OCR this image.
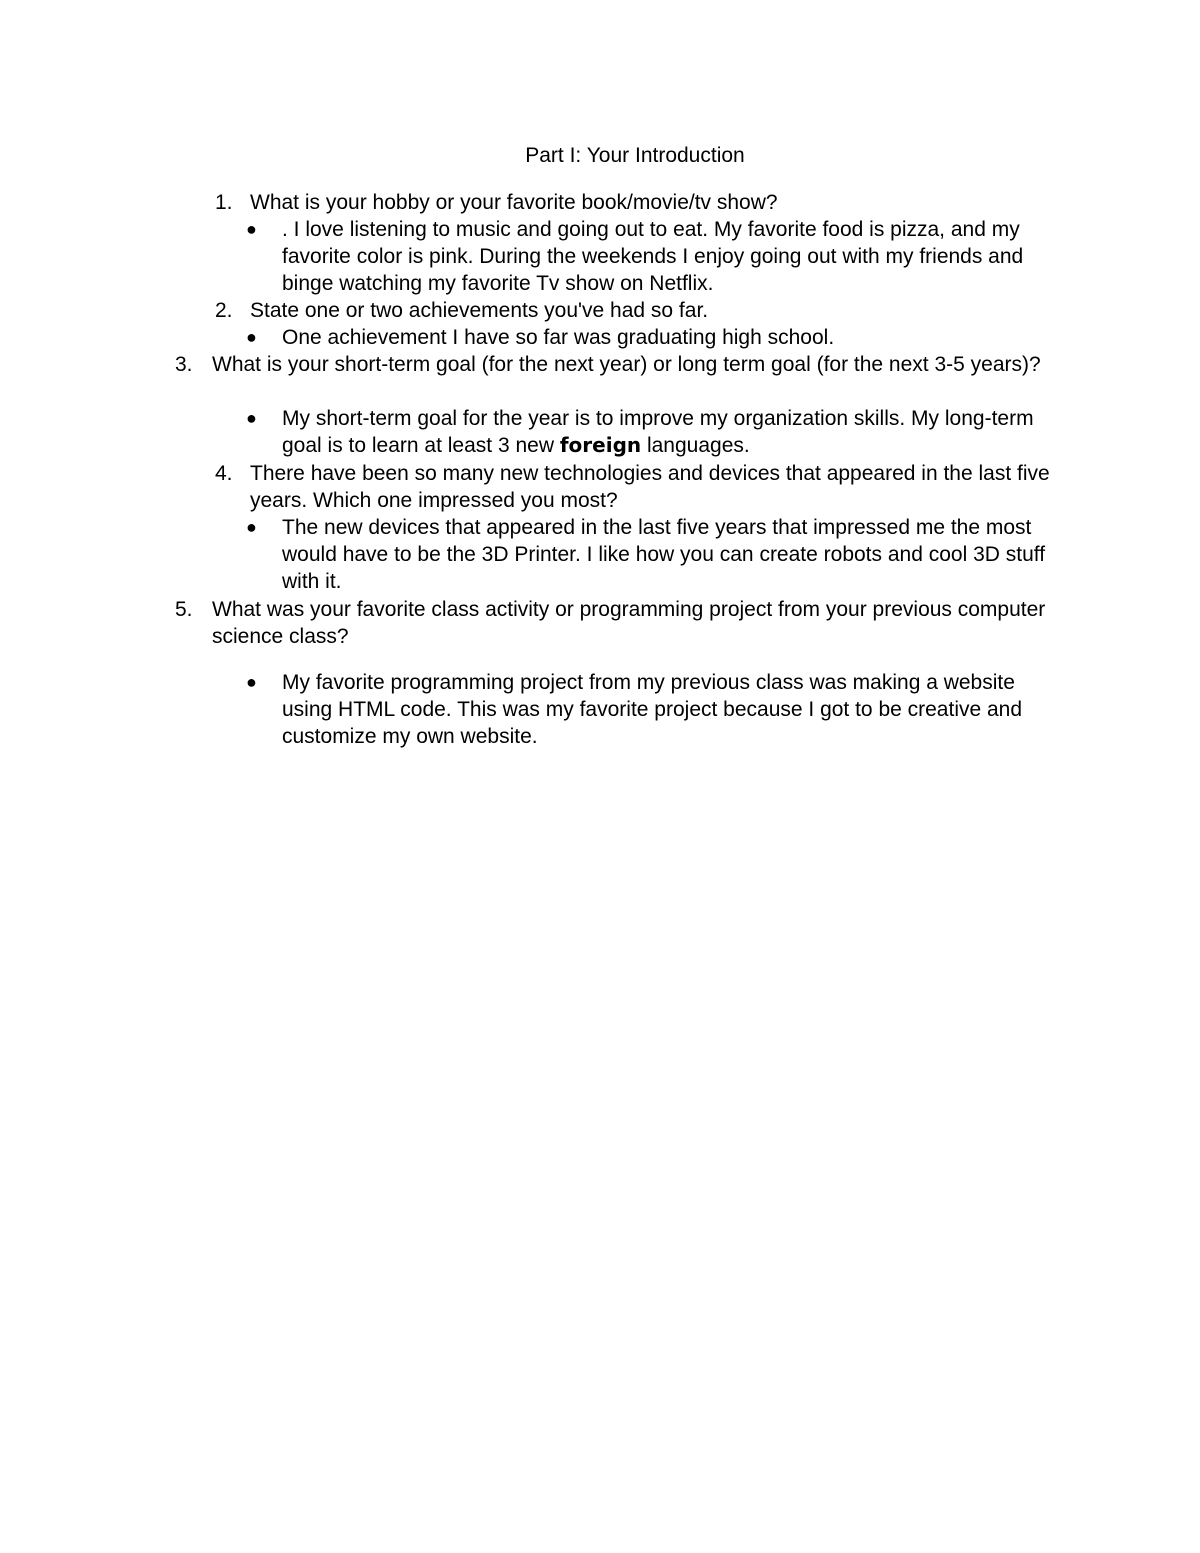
Part I: Your Introduction
1. What is your hobby or your favorite book/movie/tv show?
● . I love listening to music and going out to eat. My favorite food is pizza, and my favorite color is pink. During the weekends I enjoy going out with my friends and binge watching my favorite Tv show on Netflix.
2. State one or two achievements you've had so far.
● One achievement I have so far was graduating high school.
3. What is your short-term goal (for the next year) or long term goal (for the next 3-5 years)?
● My short-term goal for the year is to improve my organization skills. My long-term goal is to learn at least 3 new foreign languages.
4. There have been so many new technologies and devices that appeared in the last five years. Which one impressed you most?
● The new devices that appeared in the last five years that impressed me the most would have to be the 3D Printer. I like how you can create robots and cool 3D stuff with it.
5. What was your favorite class activity or programming project from your previous computer science class?
● My favorite programming project from my previous class was making a website using HTML code. This was my favorite project because I got to be creative and customize my own website.
